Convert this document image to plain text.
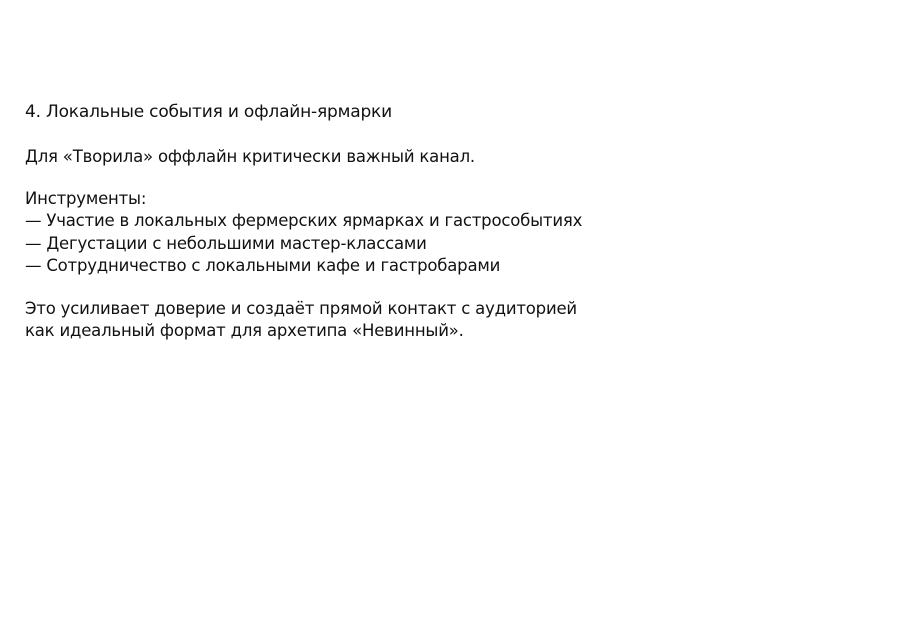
4. Локальные события и офлайн-ярмарки

Для «Творила» оффлайн критически важный канал.

Инструменты:

— Участие в локальных фермерских ярмарках и гастрособытиях
— Дегустации с небольшими мастер-классами
— Сотрудничество с локальными кафе и гастробарами

Это усиливает доверие и создаёт прямой контакт с аудиторией

как идеальный формат для архетипа «Невинный».
